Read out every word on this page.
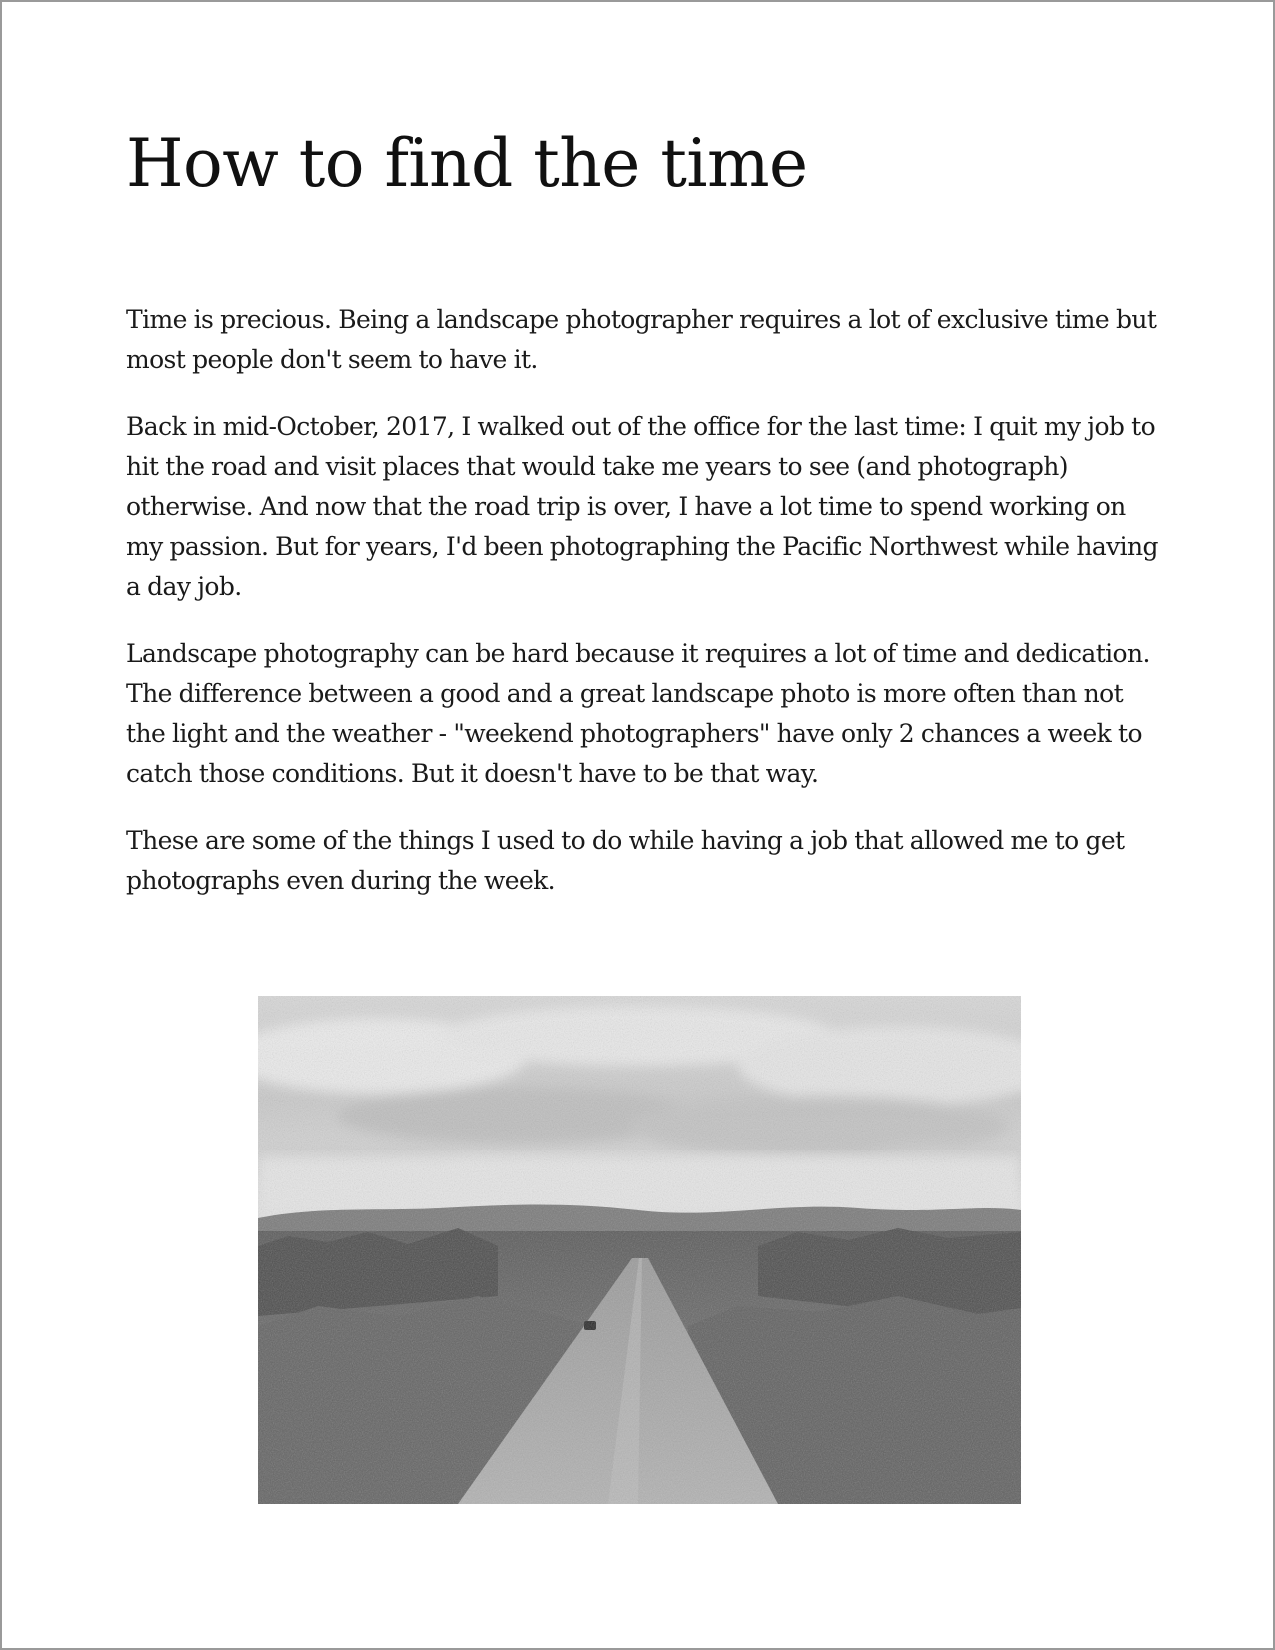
How to find the time

Time is precious. Being a landscape photographer requires a lot of exclusive time but most people don't seem to have it.

Back in mid-October, 2017, I walked out of the office for the last time: I quit my job to hit the road and visit places that would take me years to see (and photograph) otherwise. And now that the road trip is over, I have a lot time to spend working on my passion. But for years, I'd been photographing the Pacific Northwest while having a day job.

Landscape photography can be hard because it requires a lot of time and dedication. The difference between a good and a great landscape photo is more often than not the light and the weather - "weekend photographers" have only 2 chances a week to catch those conditions. But it doesn't have to be that way.

These are some of the things I used to do while having a job that allowed me to get photographs even during the week.
